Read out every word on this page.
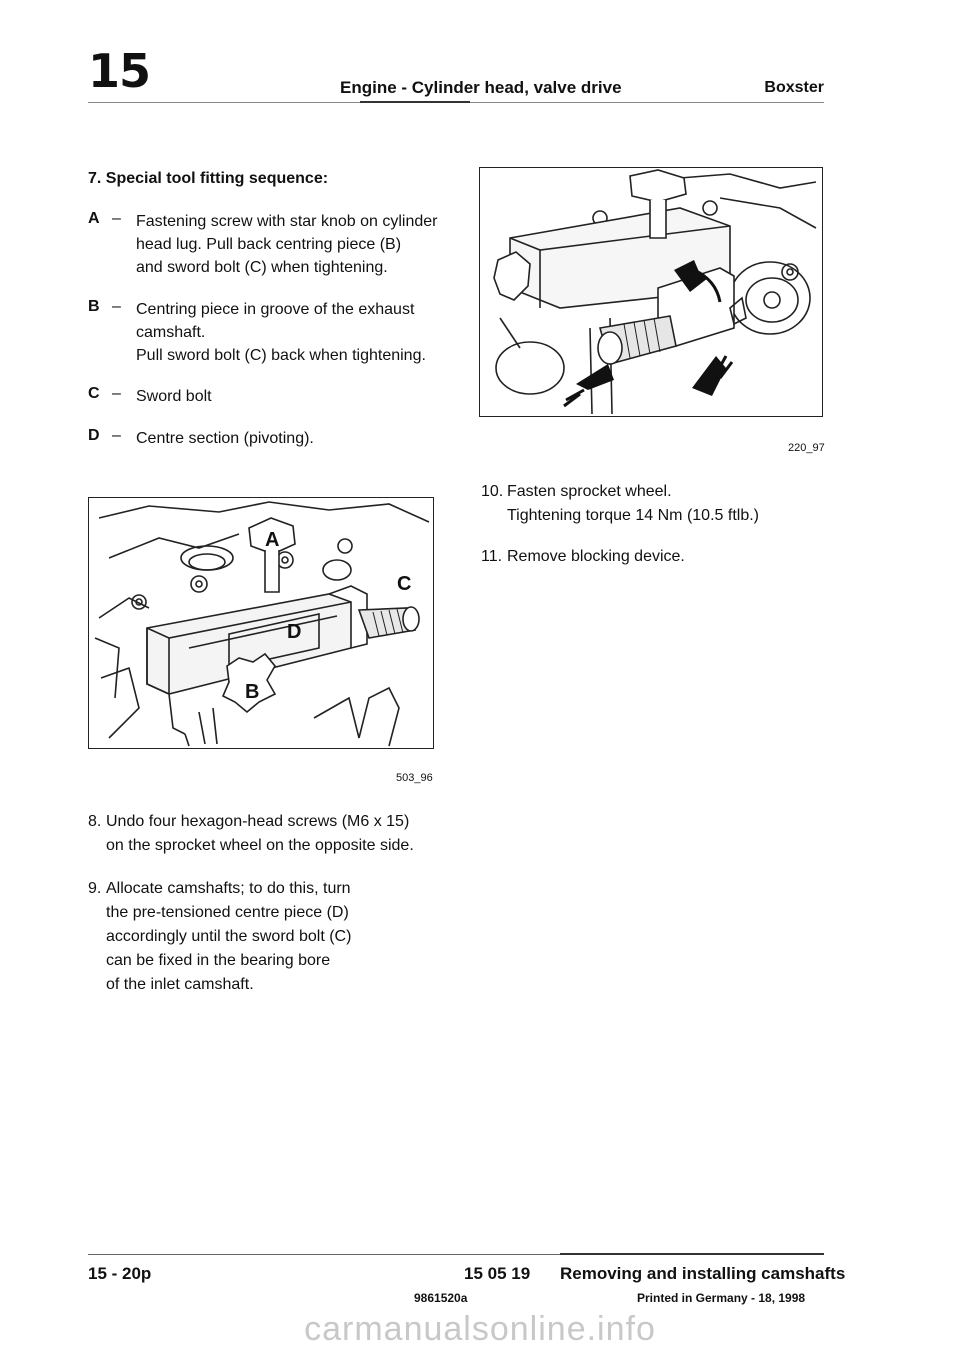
15	Engine - Cylinder head, valve drive	Boxster
7. Special tool fitting sequence:
A – Fastening screw with star knob on cylinder
head lug. Pull back centring piece (B)
and sword bolt (C) when tightening.
B – Centring piece in groove of the exhaust
camshaft.
Pull sword bolt (C) back when tightening.
C – Sword bolt
D – Centre section (pivoting).
A
C
D
B
503_96
220_97
8. Undo four hexagon-head screws (M6 x 15)
on the sprocket wheel on the opposite side.
9. Allocate camshafts; to do this, turn
the pre-tensioned centre piece (D)
accordingly until the sword bolt (C)
can be fixed in the bearing bore
of the inlet camshaft.
10. Fasten sprocket wheel.
Tightening torque 14 Nm (10.5 ftlb.)
11. Remove blocking device.
15 - 20p	15 05 19 Removing and installing camshafts
9861520a	Printed in Germany - 18, 1998
carmanualsonline.info
